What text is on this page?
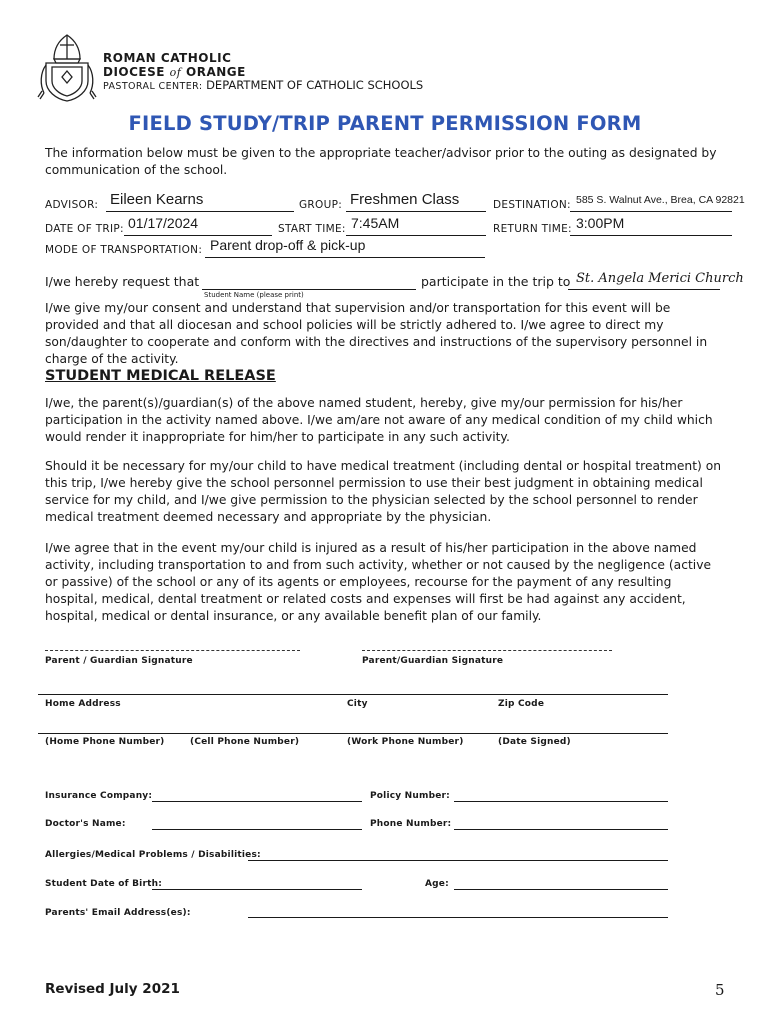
ROMAN CATHOLIC
DIOCESE of ORANGE
PASTORAL CENTER: DEPARTMENT OF CATHOLIC SCHOOLS
FIELD STUDY/TRIP PARENT PERMISSION FORM
The information below must be given to the appropriate teacher/advisor prior to the outing as designated by communication of the school.
ADVISOR: Eileen Kearns	GROUP: Freshmen Class	DESTINATION: 585 S. Walnut Ave., Brea, CA 92821
DATE OF TRIP: 01/17/2024	START TIME: 7:45AM	RETURN TIME: 3:00PM
MODE OF TRANSPORTATION: Parent drop-off & pick-up
I/we hereby request that	participate in the trip to St. Angela Merici Church
Student Name (please print)
I/we give my/our consent and understand that supervision and/or transportation for this event will be provided and that all diocesan and school policies will be strictly adhered to. I/we agree to direct my son/daughter to cooperate and conform with the directives and instructions of the supervisory personnel in charge of the activity.
STUDENT MEDICAL RELEASE
I/we, the parent(s)/guardian(s) of the above named student, hereby, give my/our permission for his/her participation in the activity named above. I/we am/are not aware of any medical condition of my child which would render it inappropriate for him/her to participate in any such activity.
Should it be necessary for my/our child to have medical treatment (including dental or hospital treatment) on this trip, I/we hereby give the school personnel permission to use their best judgment in obtaining medical service for my child, and I/we give permission to the physician selected by the school personnel to render medical treatment deemed necessary and appropriate by the physician.
I/we agree that in the event my/our child is injured as a result of his/her participation in the above named activity, including transportation to and from such activity, whether or not caused by the negligence (active or passive) of the school or any of its agents or employees, recourse for the payment of any resulting hospital, medical, dental treatment or related costs and expenses will first be had against any accident, hospital, medical or dental insurance, or any available benefit plan of our family.
Parent / Guardian Signature	Parent/Guardian Signature
Home Address	City	Zip Code
(Home Phone Number)	(Cell Phone Number)	(Work Phone Number)	(Date Signed)
Insurance Company:	Policy Number:
Doctor's Name:	Phone Number:
Allergies/Medical Problems / Disabilities:
Student Date of Birth:	Age:
Parents' Email Address(es):
Revised July 2021	5
